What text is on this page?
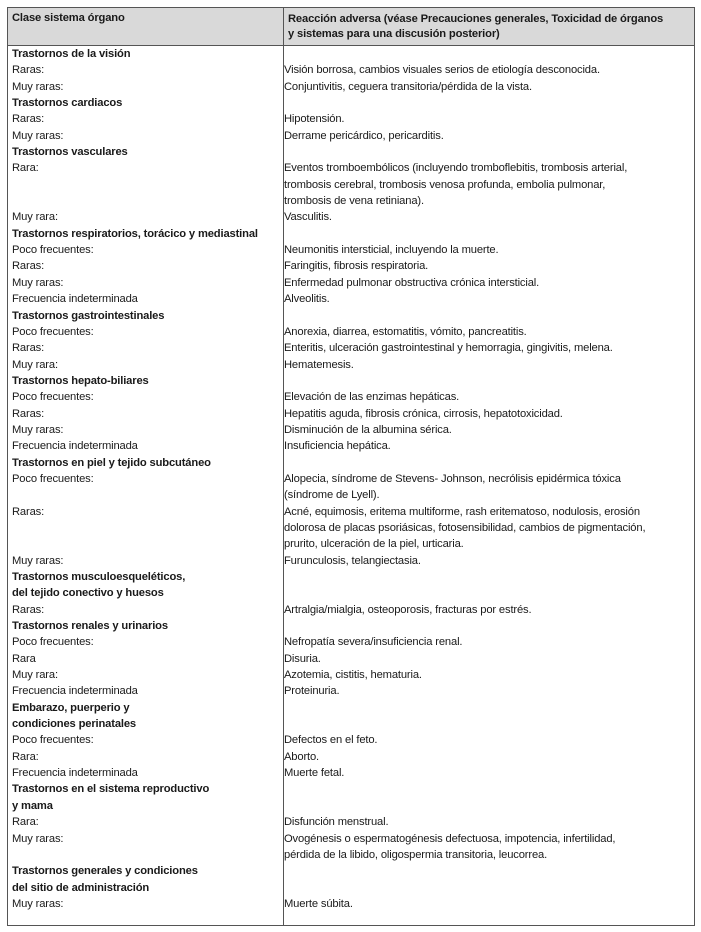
Clase sistema órgano	Reacción adversa (véase Precauciones generales, Toxicidad de órganos
y sistemas para una discusión posterior)
Trastornos de la visión
Raras:	Visión borrosa, cambios visuales serios de etiología desconocida.
Muy raras:	Conjuntivitis, ceguera transitoria/pérdida de la vista.
Trastornos cardiacos
Raras:	Hipotensión.
Muy raras:	Derrame pericárdico, pericarditis.
Trastornos vasculares
Rara:	Eventos tromboembólicos (incluyendo tromboflebitis, trombosis arterial,
trombosis cerebral, trombosis venosa profunda, embolia pulmonar,
trombosis de vena retiniana).
Muy rara:	Vasculitis.
Trastornos respiratorios, torácico y mediastinal
Poco frecuentes:	Neumonitis intersticial, incluyendo la muerte.
Raras:	Faringitis, fibrosis respiratoria.
Muy raras:	Enfermedad pulmonar obstructiva crónica intersticial.
Frecuencia indeterminada	Alveolitis.
Trastornos gastrointestinales
Poco frecuentes:	Anorexia, diarrea, estomatitis, vómito, pancreatitis.
Raras:	Enteritis, ulceración gastrointestinal y hemorragia, gingivitis, melena.
Muy rara:	Hematemesis.
Trastornos hepato-biliares
Poco frecuentes:	Elevación de las enzimas hepáticas.
Raras:	Hepatitis aguda, fibrosis crónica, cirrosis, hepatotoxicidad.
Muy raras:	Disminución de la albumina sérica.
Frecuencia indeterminada	Insuficiencia hepática.
Trastornos en piel y tejido subcutáneo
Poco frecuentes:	Alopecia, síndrome de Stevens- Johnson, necrólisis epidérmica tóxica
(síndrome de Lyell).
Raras:	Acné, equimosis, eritema multiforme, rash eritematoso, nodulosis, erosión
dolorosa de placas psoriásicas, fotosensibilidad, cambios de pigmentación,
prurito, ulceración de la piel, urticaria.
Muy raras:	Furunculosis, telangiectasia.
Trastornos musculoesqueléticos,
del tejido conectivo y huesos
Raras:	Artralgia/mialgia, osteoporosis, fracturas por estrés.
Trastornos renales y urinarios
Poco frecuentes:	Nefropatía severa/insuficiencia renal.
Rara	Disuria.
Muy rara:	Azotemia, cistitis, hematuria.
Frecuencia indeterminada	Proteinuria.
Embarazo, puerperio y
condiciones perinatales
Poco frecuentes:	Defectos en el feto.
Rara:	Aborto.
Frecuencia indeterminada	Muerte fetal.
Trastornos en el sistema reproductivo
y mama
Rara:	Disfunción menstrual.
Muy raras:	Ovogénesis o espermatogénesis defectuosa, impotencia, infertilidad,
pérdida de la libido, oligospermia transitoria, leucorrea.
Trastornos generales y condiciones
del sitio de administración
Muy raras:	Muerte súbita.
